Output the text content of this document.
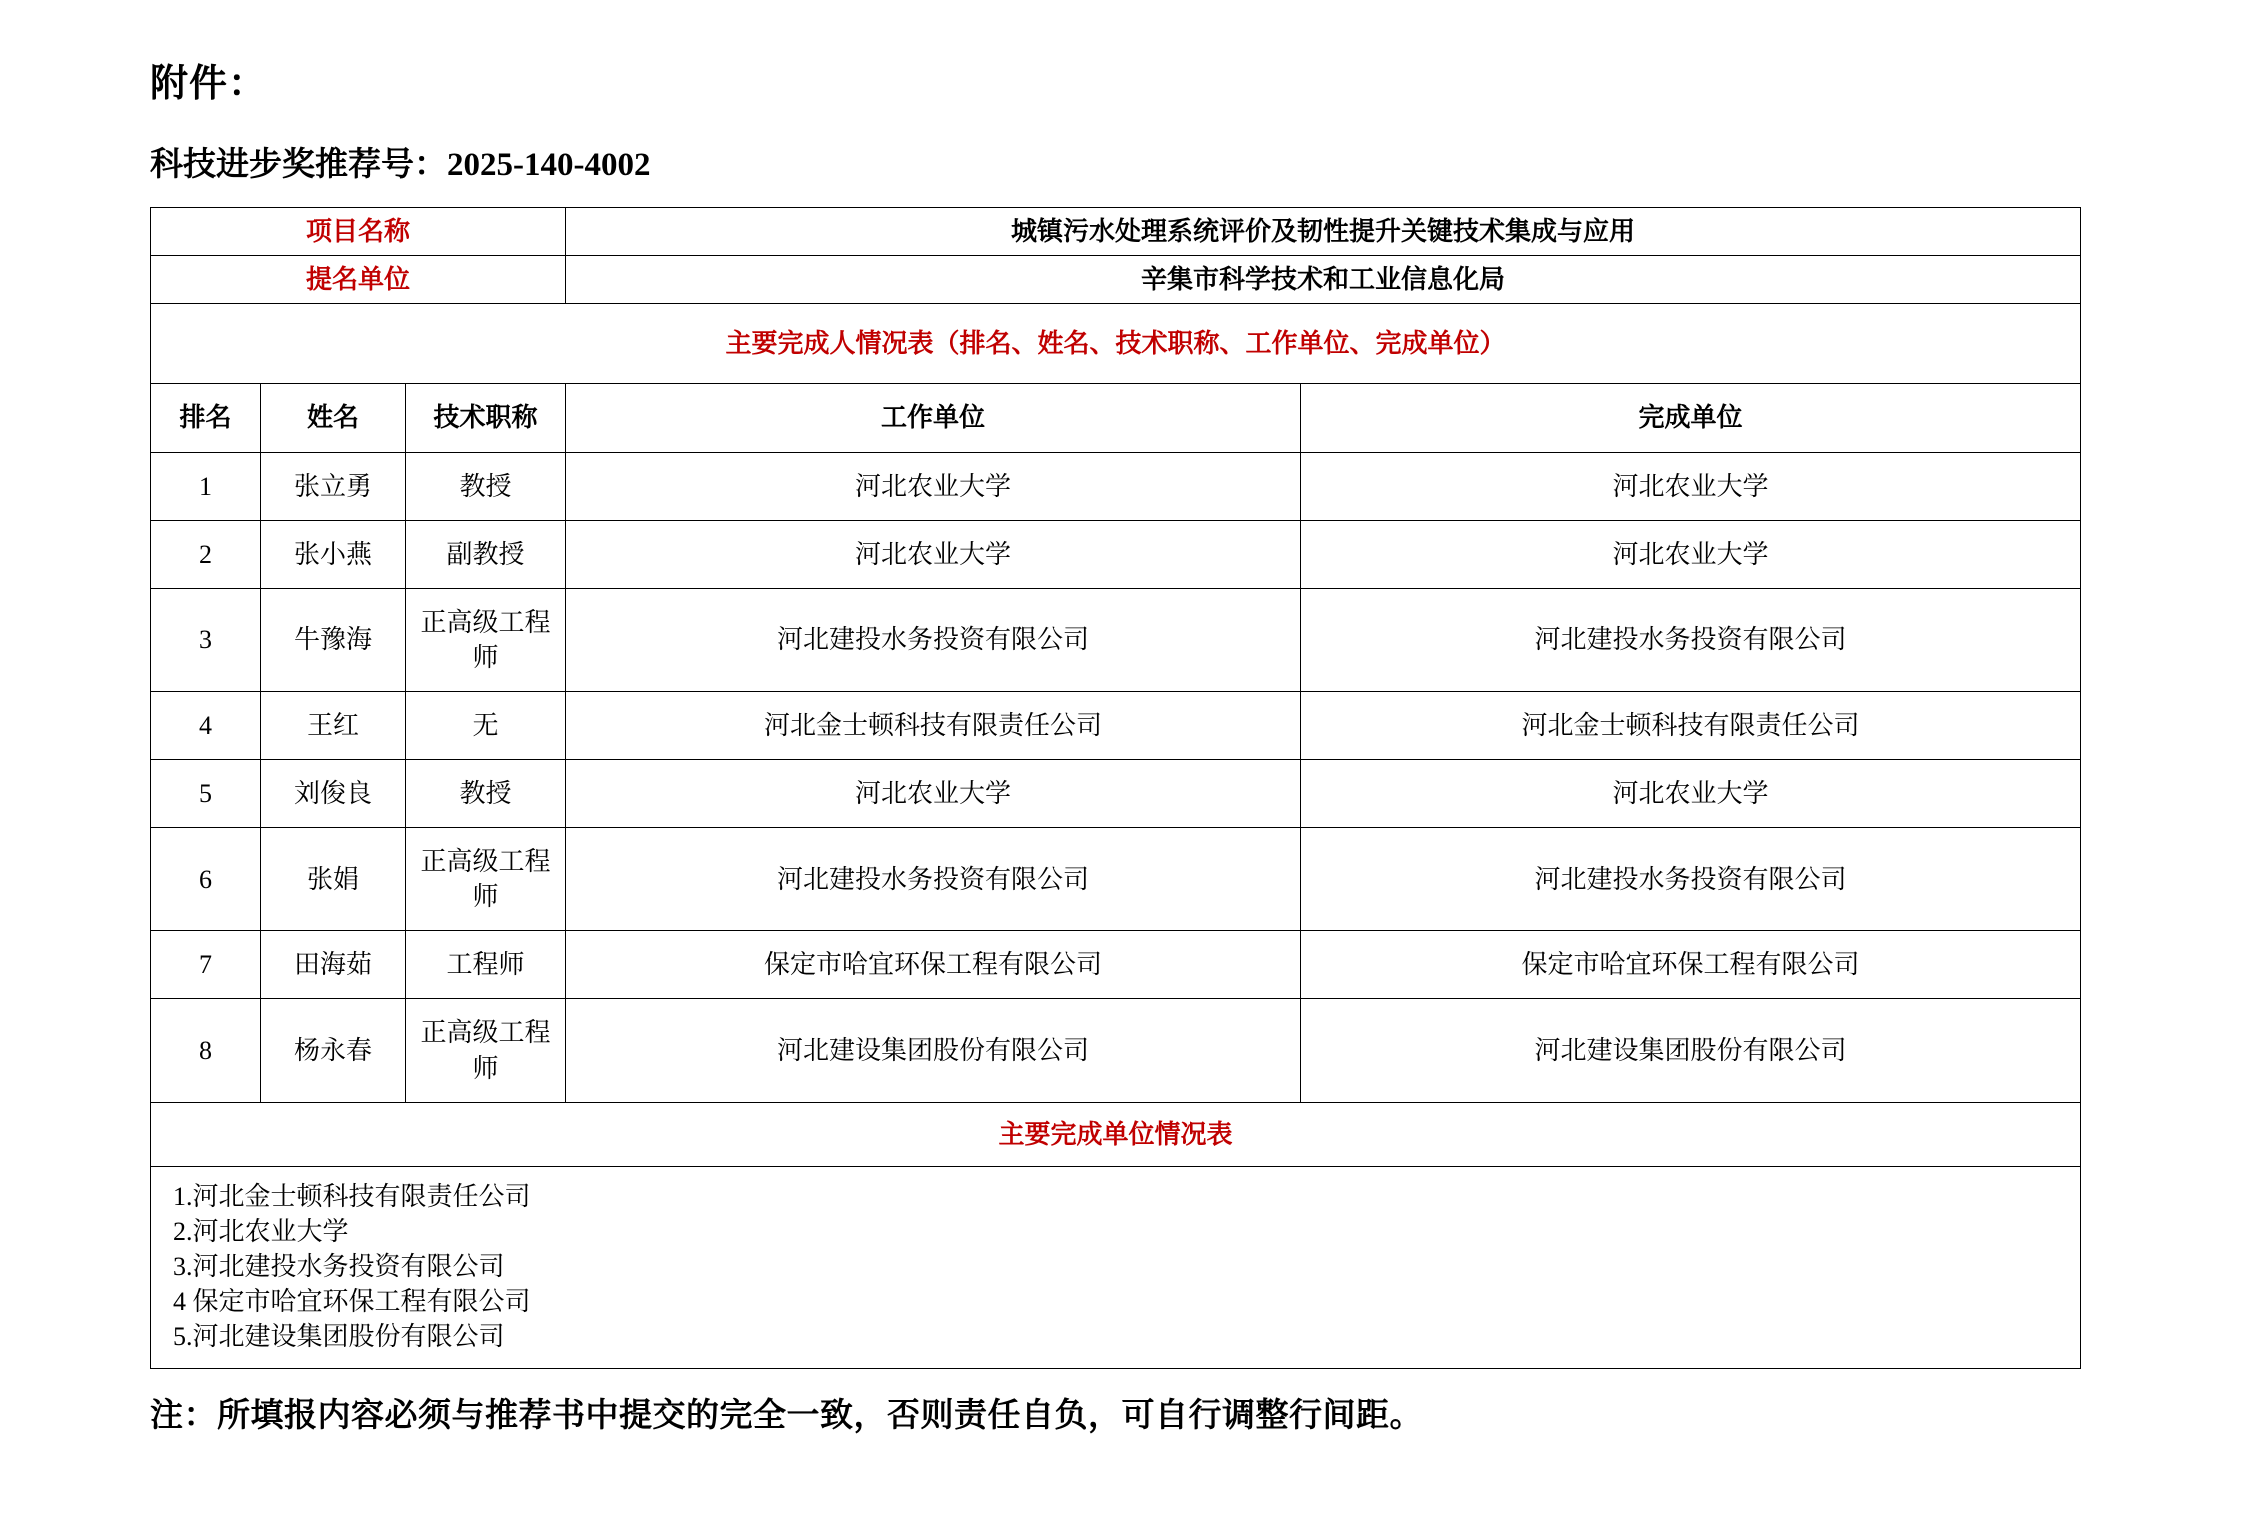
附件：
科技进步奖推荐号：2025-140-4002
项目名称			城镇污水处理系统评价及韧性提升关键技术集成与应用	
提名单位			辛集市科学技术和工业信息化局	
主要完成人情况表（排名、姓名、技术职称、工作单位、完成单位）				
排名	姓名	技术职称	工作单位	完成单位
1	张立勇	教授	河北农业大学	河北农业大学
2	张小燕	副教授	河北农业大学	河北农业大学
3	牛豫海	正高级工程师	河北建投水务投资有限公司	河北建投水务投资有限公司
4	王红	无	河北金士顿科技有限责任公司	河北金士顿科技有限责任公司
5	刘俊良	教授	河北农业大学	河北农业大学
6	张娟	正高级工程师	河北建投水务投资有限公司	河北建投水务投资有限公司
7	田海茹	工程师	保定市哈宜环保工程有限公司	保定市哈宜环保工程有限公司
8	杨永春	正高级工程师	河北建设集团股份有限公司	河北建设集团股份有限公司
主要完成单位情况表				

1.河北金士顿科技有限责任公司
2.河北农业大学
3.河北建投水务投资有限公司
4 保定市哈宜环保工程有限公司
5.河北建设集团股份有限公司				
注：所填报内容必须与推荐书中提交的完全一致，否则责任自负，可自行调整行间距。
